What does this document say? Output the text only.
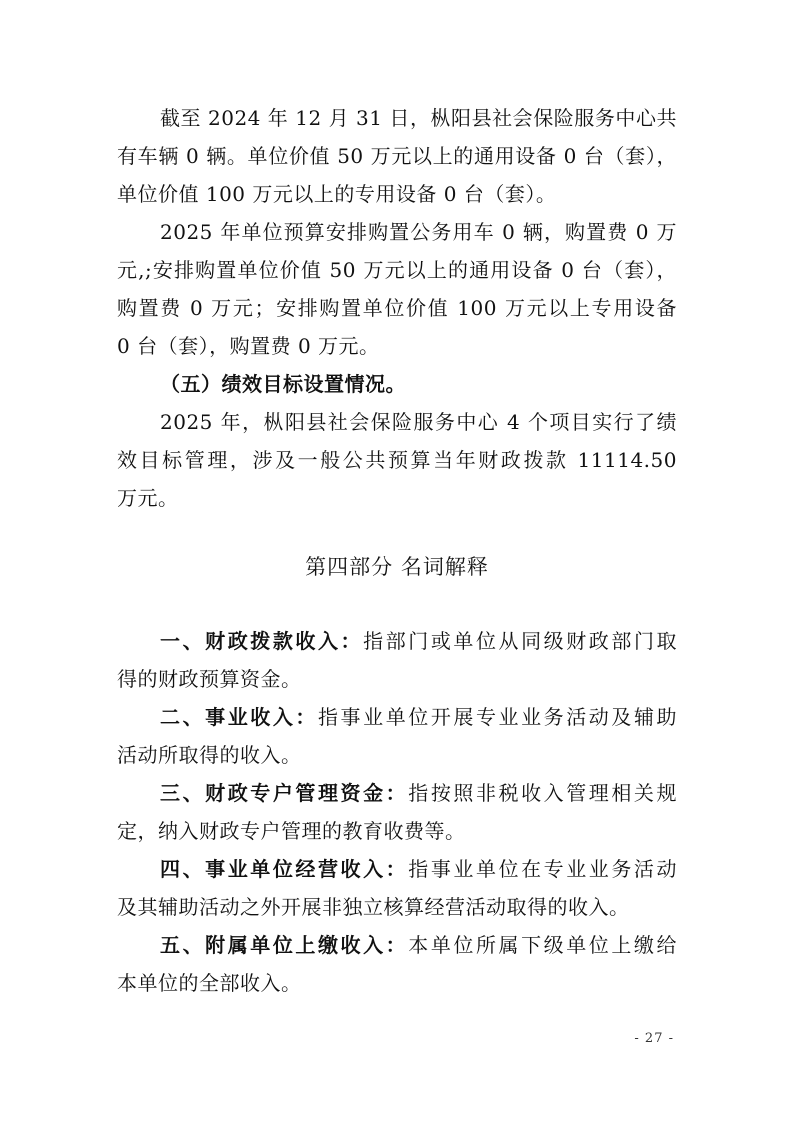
截至 2024 年 12 月 31 日，枞阳县社会保险服务中心共
有车辆 0 辆。单位价值 50 万元以上的通用设备 0 台（套），
单位价值 100 万元以上的专用设备 0 台（套）。
2025 年单位预算安排购置公务用车 0 辆，购置费 0 万
元,;安排购置单位价值 50 万元以上的通用设备 0 台（套），
购置费 0 万元；安排购置单位价值 100 万元以上专用设备
0 台（套），购置费 0 万元。
（五）绩效目标设置情况。
2025 年，枞阳县社会保险服务中心 4 个项目实行了绩
效目标管理，涉及一般公共预算当年财政拨款 11114.50
万元。
第四部分 名词解释
一、财政拨款收入：指部门或单位从同级财政部门取
得的财政预算资金。
二、事业收入：指事业单位开展专业业务活动及辅助
活动所取得的收入。
三、财政专户管理资金：指按照非税收入管理相关规
定，纳入财政专户管理的教育收费等。
四、事业单位经营收入：指事业单位在专业业务活动
及其辅助活动之外开展非独立核算经营活动取得的收入。
五、附属单位上缴收入：本单位所属下级单位上缴给
本单位的全部收入。
- 27 -
